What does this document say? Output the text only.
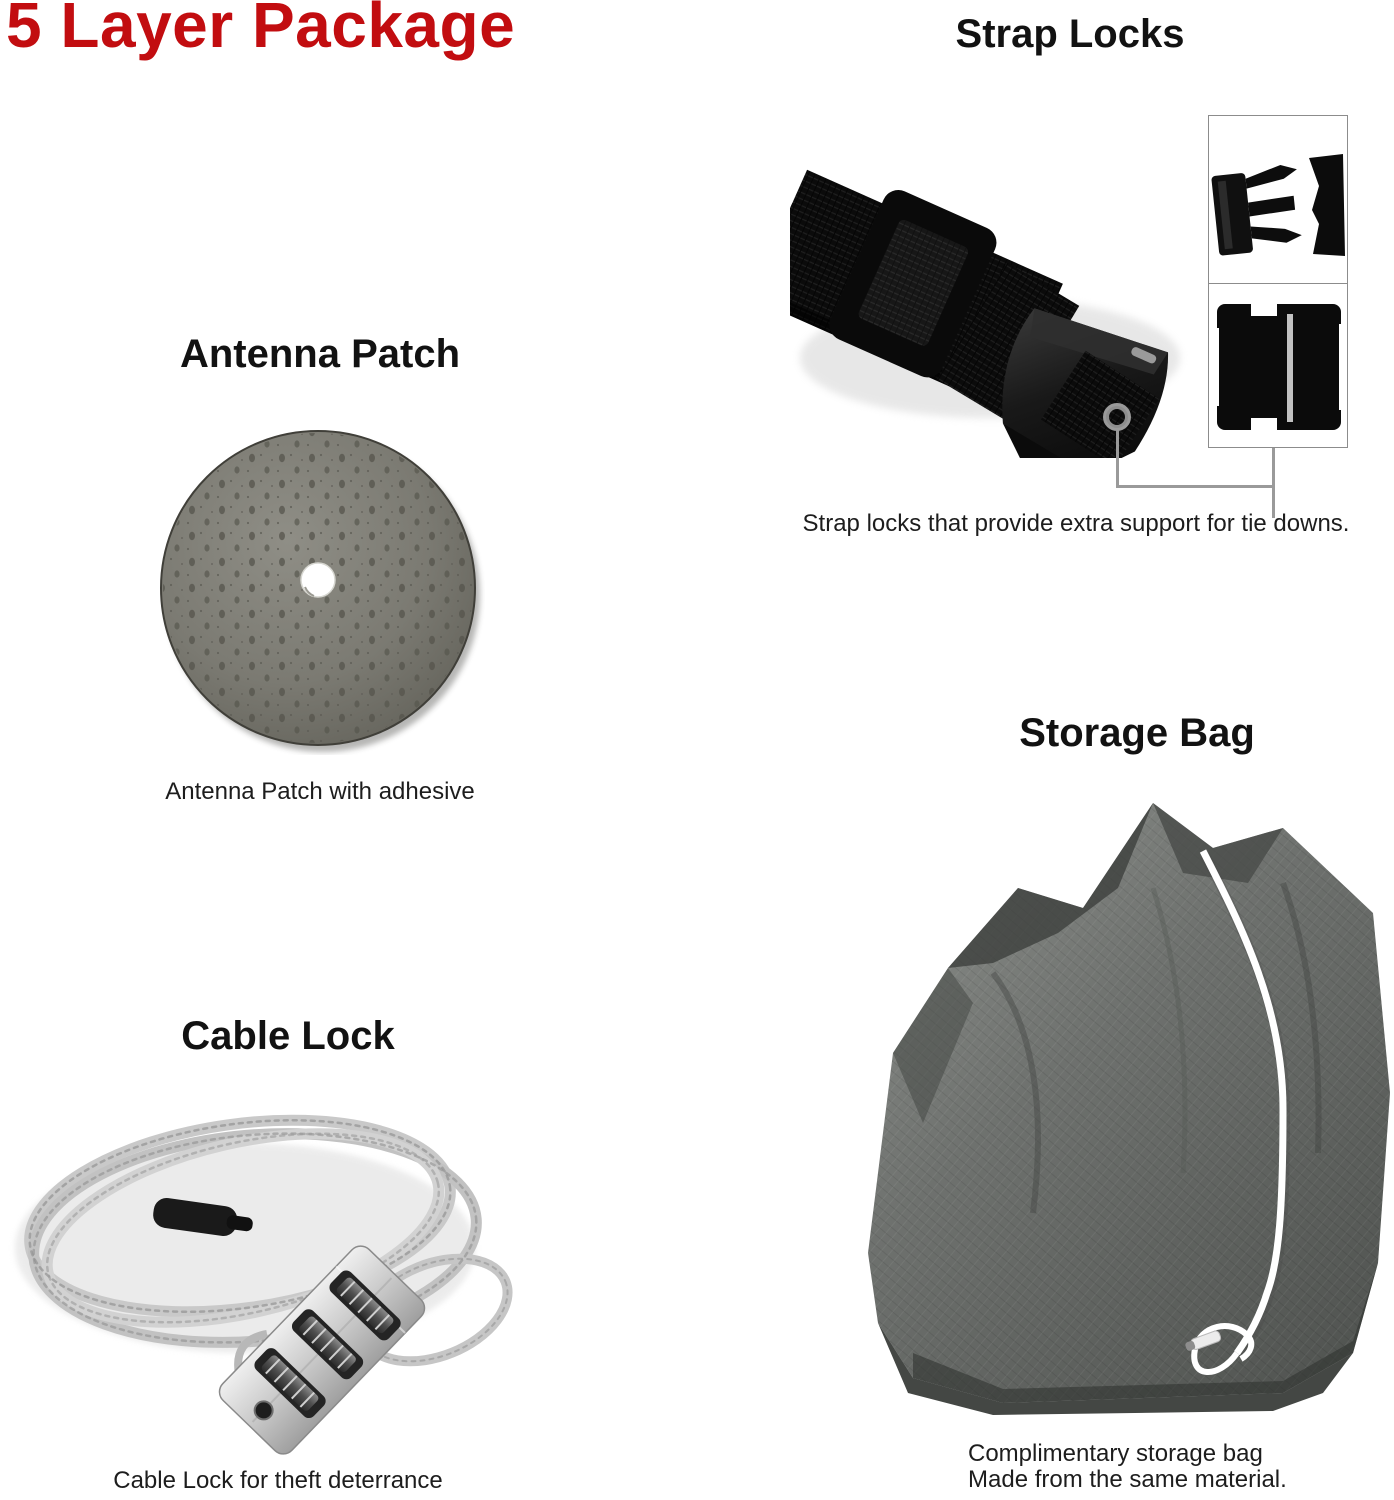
5 Layer Package	Strap Locks
Strap locks that provide extra support for tie downs.
Antenna Patch
Antenna Patch with adhesive
Storage Bag
Complimentary storage bag
Made from the same material.
Cable Lock
Cable Lock for theft deterrance
